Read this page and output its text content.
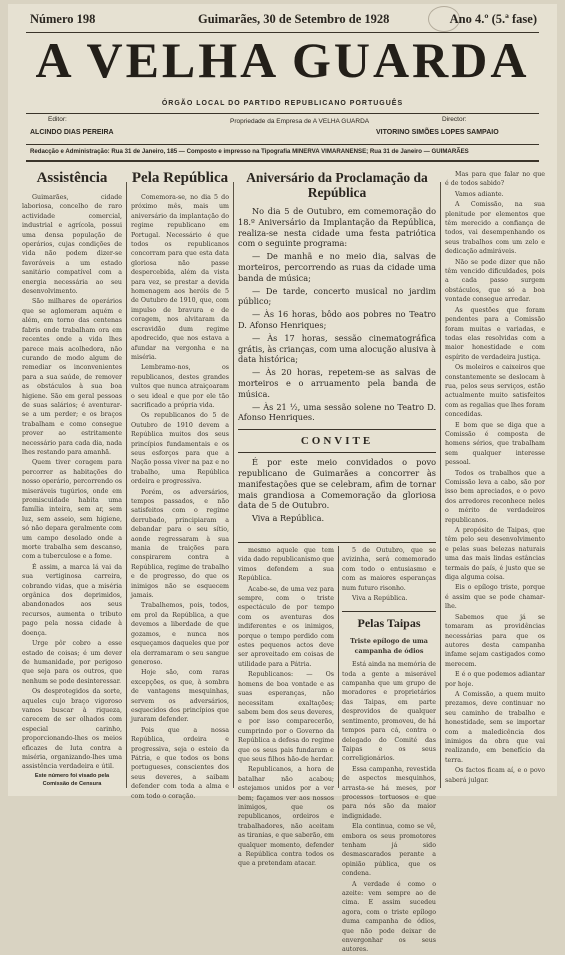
Número 198	Guimarães, 30 de Setembro de 1928	Ano 4.º (5.ª fase)
A VELHA GUARDA
ÓRGÃO LOCAL DO PARTIDO REPUBLICANO PORTUGUÊS
Editor:
ALCINDO DIAS PEREIRA
Propriedade da Empresa de A VELHA GUARDA	Director:
VITORINO SIMÕES LOPES SAMPAIO
Redacção e Administração: Rua 31 de Janeiro, 185 — Composto e impresso na Tipografia MINERVA VIMARANENSE; Rua 31 de Janeiro — GUIMARÃES
Assistência

Guimarães, cidade laboriosa, concelho de raro actividade comercial, industrial e agrícola, possui uma densa população de operários, cujas condições de vida não podem dizer-se favoráveis a um estado sanitário compatível com a energia necessária ao seu desenvolvimento.

São milhares de operários que se aglomeram aquém e além, em torno das centenas fabris onde trabalham ora em recentes onde a vida lhes parece mais acolhedora, não curando de modo algum de remediar os inconvenientes para a sua saúde, de remover as obstáculos à sua boa higiene. São em geral pessoas de suas salários; é aventurar-se a um perder; e os braços trabalham e como consegue prover ao estritamente necessário para cada dia, nada lhes restando para amanhã.

Quem tiver coragem para percorrer as habitações do nosso operário, percorrendo os miseráveis tugúrios, onde em promiscuidade habita uma família inteira, sem ar, sem luz, sem asseio, sem higiene, só não depara geralmente com um campo desolado onde a morte trabalha sem descanso, com a tuberculose e a fome.

É assim, a marca lá vai da sua vertiginosa carreira, cobrando vidas, que a miséria orgânica dos deprimidos, abandonados aos seus recursos, aumenta o tributo pago pela nossa cidade à doença.

Urge pôr cobro a esse estado de coisas; é um dever de humanidade, por perigoso que seja para os outros, que nenhum se pode desinteressar.

Os desprotegidos da sorte, aqueles cujo braço vigoroso vamos buscar à riqueza, carecem de ser olhados com especial carinho, proporcionando-lhes os meios eficazes de luta contra a miséria, organizando-lhes uma assistência verdadeira e útil.

Este número foi visado pela Comissão de Censura
Pela República

Comemora-se, no dia 5 do próximo mês, mais um aniversário da implantação do regime republicano em Portugal. Necessário é que todos os republicanos concorram para que esta data gloriosa não passe despercebida, além da vista para vez, se prestar a devida homenagem aos heróis de 5 de Outubro de 1910, que, com impulso de bravura e de coragem, nos alvitaram da escravidão dum regime apodrecido, que nos estava a afundar na vergonha e na miséria.

Lembramo-nos, os republicanos, destes grandes vultos que nunca atraiçoaram o seu ideal e que por ele tão sacrificado a própria vida.

Os republicanos do 5 de Outubro de 1910 devem a República muitos dos seus princípios fundamentais e os seus esforços para que a Nação possa viver na paz e no trabalho, uma República ordeira e progressiva.

Porém, os adversários, tempos passados, e não satisfeitos com o regime derrubado, principiaram a debandar para o seu sítio, aonde regressaram à sua mania de traições para conspirarem contra a República, regime de trabalho e de progresso, do que os inimigos não se esquecem jamais.

Trabalhemos, pois, todos, em prol da República, a que devemos a liberdade de que gozamos, e nunca nos esqueçamos daqueles que por ela derramaram o seu sangue generoso.

Hoje são, com raras excepções, os que, à sombra de vantagens mesquinhas, servem os adversários, esquecidos dos princípios que juraram defender.

Pois que a nossa República, ordeira e progressiva, seja o esteio da Pátria, e que todos os bons portugueses, conscientes dos seus deveres, a saibam defender com toda a alma e com todo o coração.

Aniversário da Proclamação da República

No dia 5 de Outubro, em comemoração do 18.º Aniversário da Implantação da República, realiza-se nesta cidade uma festa patriótica com o seguinte programa:

— De manhã e no meio dia, salvas de morteiros, percorrendo as ruas da cidade uma banda de música;

— De tarde, concerto musical no jardim público;

— Às 16 horas, bôdo aos pobres no Teatro D. Afonso Henriques;

— Às 17 horas, sessão cinematográfica grátis, às crianças, com uma alocução alusiva à data histórica;

— Às 20 horas, repetem-se as salvas de morteiros e o arruamento pela banda de música.

— Às 21 ½, uma sessão solene no Teatro D. Afonso Henriques.

CONVITE

É por este meio convidados o povo republicano de Guimarães a concorrer às manifestações que se celebram, afim de tornar mais grandiosa a Comemoração da gloriosa data de 5 de Outubro.

Viva a República.

mesmo aquele que tem vida dado republicanismo que vimos defendem a sua República.

Acabe-se, de uma vez para sempre, com o triste espectáculo de por tempo com os aventuras dos indiferentes e os inimigos, porque o tempo perdido com estes pequenos actos deve ser aproveitado em coisas de utilidade para a Pátria.

Republicanos: — Os homens de boa vontade e as suas esperanças, não necessitam exaltações; sabem bem dos seus deveres, e por isso comparecerão, cumprindo por o Governo da República a defesa do regime que os seus pais fundaram e que seus filhos hão-de herdar.

Republicanos, a hora de batalhar não acabou; estejamos unidos por a ver bem; façamos ver aos nossos inimigos, que os republicanos, ordeiros e trabalhadores, não aceitam as tiranias, e que saberão, em qualquer momento, defender a República contra todos os que a pretendam atacar.

5 de Outubro, que se avizinha, será comemorado com todo o entusiasmo e com as maiores esperanças num futuro risonho.

Viva a República.

Pelas Taipas
Triste epílogo de uma campanha de ódios

Está ainda na memória de toda a gente a miserável campanha que um grupo de moradores e proprietários das Taipas, em parte desprovidos de qualquer sentimento, promoveu, de há tempos para cá, contra o delegado do Comité das Taipas e os seus correligionários.

Essa campanha, revestida de aspectos mesquinhos, arrasta-se há meses, por processos tortuosos e que para nós são da maior indignidade.

Ela continua, como se vê, embora os seus promotores tenham já sido desmascarados perante a opinião pública, que os condena.

A verdade é como o azeite: vem sempre ao de cima. E assim sucedeu agora, com o triste epílogo duma campanha de ódios, que não pode deixar de envergonhar os seus autores.

Mas para que falar no que é de todos sabido?

Vamos adiante.

A Comissão, na sua plenitude por elementos que têm merecido a confiança de todos, vai desempenhando os seus trabalhos com um zelo e dedicação admiráveis.

Não se pode dizer que não têm vencido dificuldades, pois a cada passo surgem obstáculos, que só a boa vontade consegue arredar.

As questões que foram pendentes para a Comissão foram muitas e variadas, e todas elas resolvidas com a maior honestidade e com espírito de verdadeira justiça.

Os moleiros e caixeiros que constantemente se deslocam à rua, pelos seus serviços, estão actualmente muito satisfeitos com as regalias que lhes foram concedidas.

E bom que se diga que a Comissão é composta de homens sérios, que trabalham sem qualquer interesse pessoal.

Todos os trabalhos que a Comissão leva a cabo, são por isso bem apreciados, e o povo dos arredores reconhece neles o mérito de verdadeiros republicanos.

A propósito de Taipas, que têm pelo seu desenvolvimento e pelas suas belezas naturais uma das mais lindas estâncias termais do país, é justo que se diga alguma coisa.

Eis o epílogo triste, porque é assim que se pode chamar-lhe.

Sabemos que já se tomaram as providências necessárias para que os autores desta campanha infame sejam castigados como merecem.

E é o que podemos adiantar por hoje.

A Comissão, a quem muito prezamos, deve continuar no seu caminho de trabalho e honestidade, sem se importar com a maledicência dos inimigos da obra que vai realizando, em benefício da terra.

Os factos ficam aí, e o povo saberá julgar.
